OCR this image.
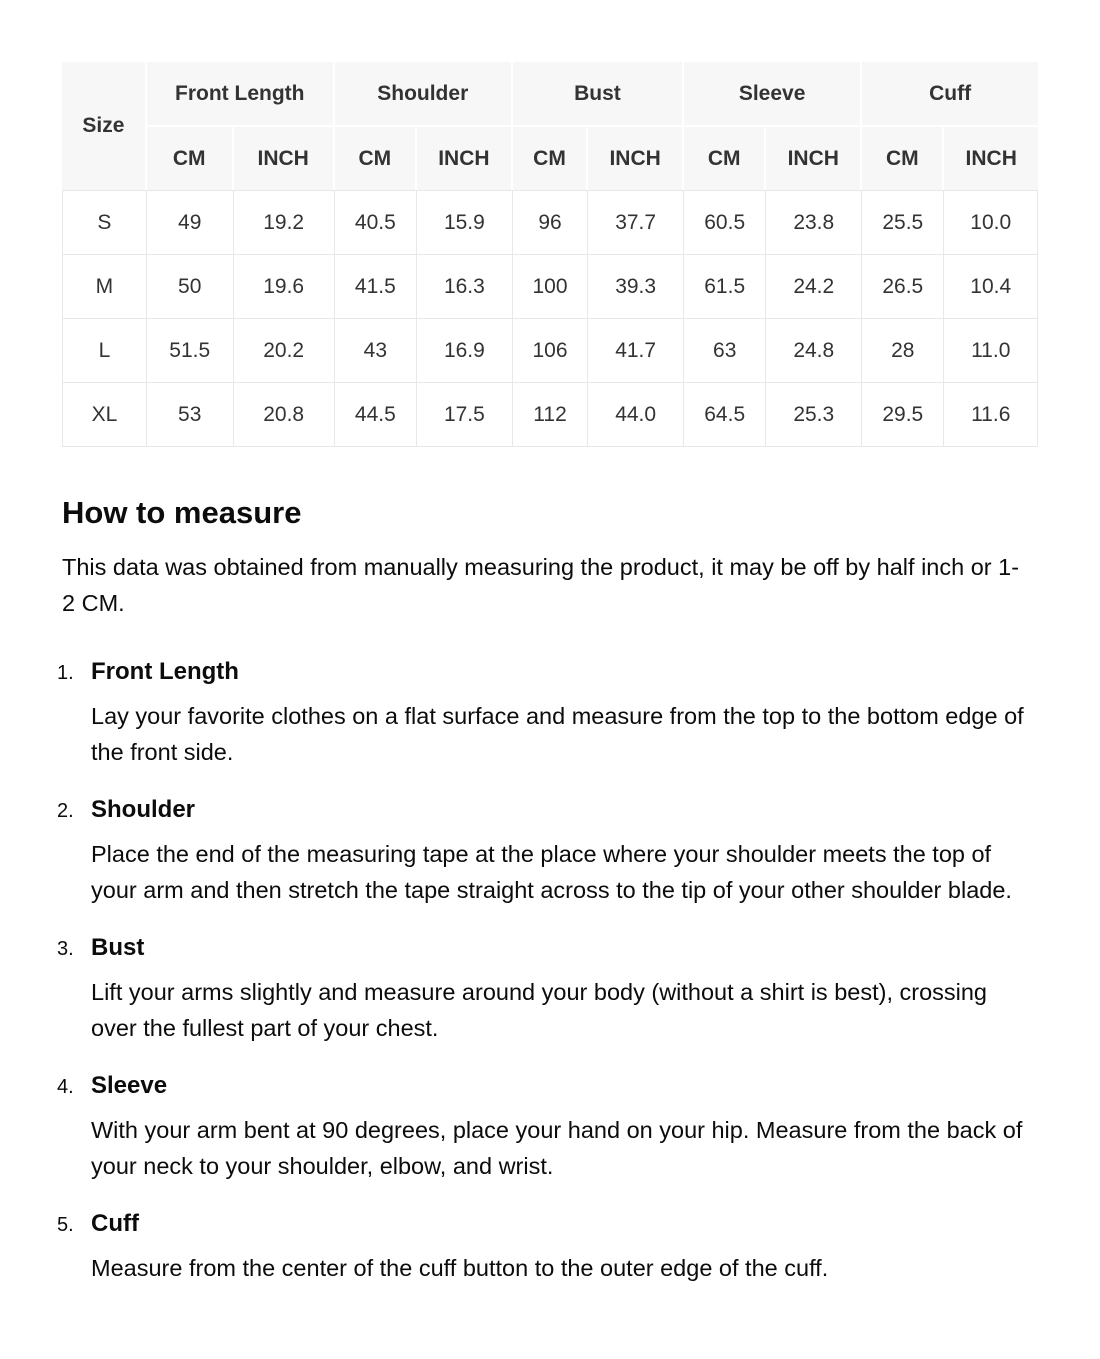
Size	Front Length		Shoulder		Bust		Sleeve		Cuff	
	CM	INCH	CM	INCH	CM	INCH	CM	INCH	CM	INCH
S	49	19.2	40.5	15.9	96	37.7	60.5	23.8	25.5	10.0
M	50	19.6	41.5	16.3	100	39.3	61.5	24.2	26.5	10.4
L	51.5	20.2	43	16.9	106	41.7	63	24.8	28	11.0
XL	53	20.8	44.5	17.5	112	44.0	64.5	25.3	29.5	11.6
How to measure

This data was obtained from manually measuring the product, it may be off by half inch or 1-2 CM.

1. Front Length

Lay your favorite clothes on a flat surface and measure from the top to the bottom edge of the front side.

2. Shoulder

Place the end of the measuring tape at the place where your shoulder meets the top of your arm and then stretch the tape straight across to the tip of your other shoulder blade.

3. Bust

Lift your arms slightly and measure around your body (without a shirt is best), crossing over the fullest part of your chest.

4. Sleeve

With your arm bent at 90 degrees, place your hand on your hip. Measure from the back of your neck to your shoulder, elbow, and wrist.

5. Cuff

Measure from the center of the cuff button to the outer edge of the cuff.
